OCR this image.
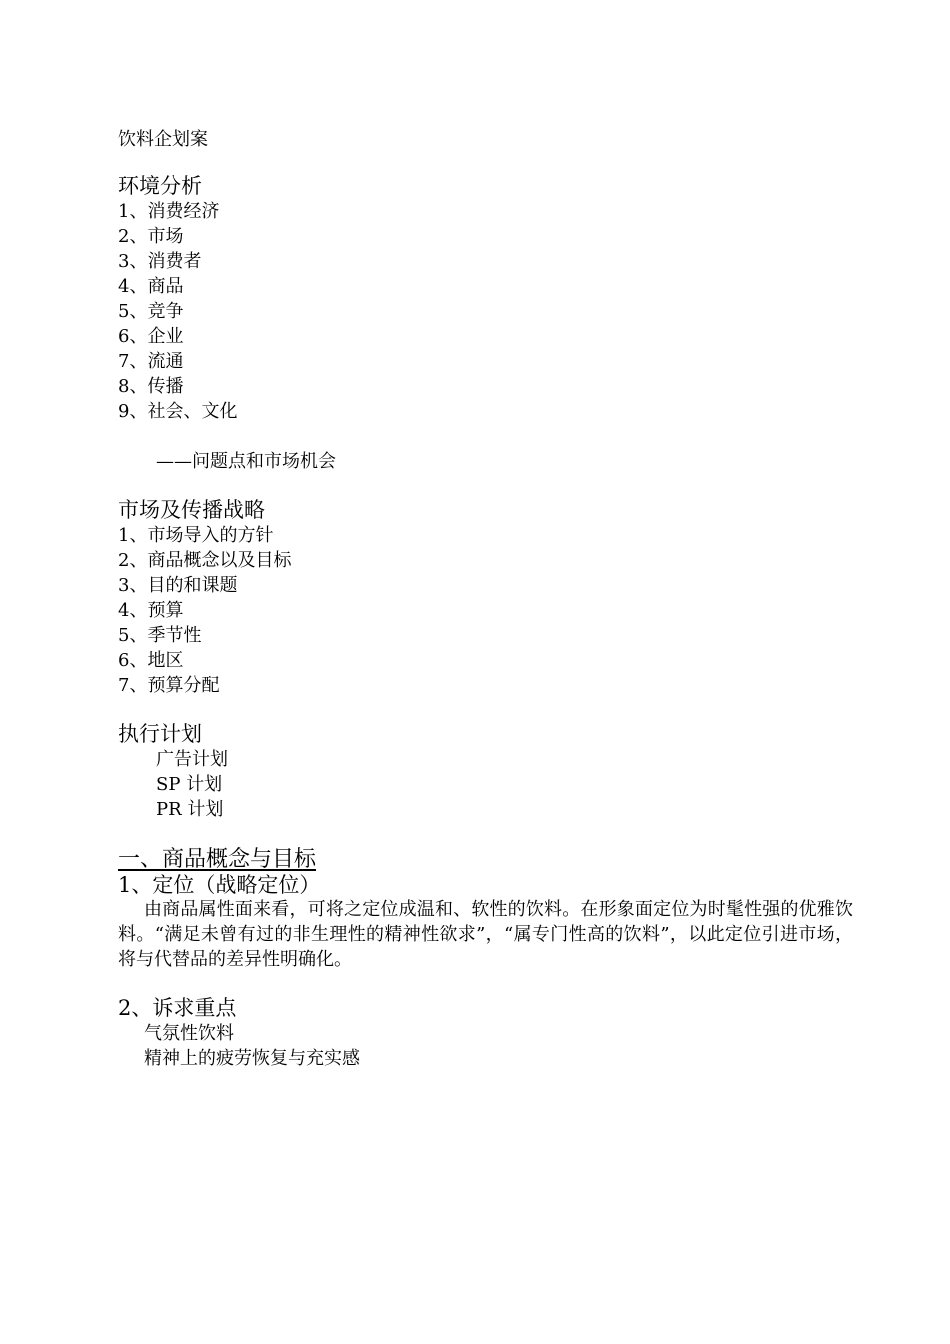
饮料企划案
环境分析
1、消费经济
2、市场
3、消费者
4、商品
5、竞争
6、企业
7、流通
8、传播
9、社会、文化
——问题点和市场机会
市场及传播战略
1、市场导入的方针
2、商品概念以及目标
3、目的和课题
4、预算
5、季节性
6、地区
7、预算分配
执行计划
广告计划
SP 计划
PR 计划
一、商品概念与目标
1、定位（战略定位）
由商品属性面来看，可将之定位成温和、软性的饮料。在形象面定位为时髦性强的优雅饮料。“满足未曾有过的非生理性的精神性欲求”，“属专门性高的饮料”，以此定位引进市场，将与代替品的差异性明确化。
2、诉求重点
气氛性饮料
精神上的疲劳恢复与充实感
